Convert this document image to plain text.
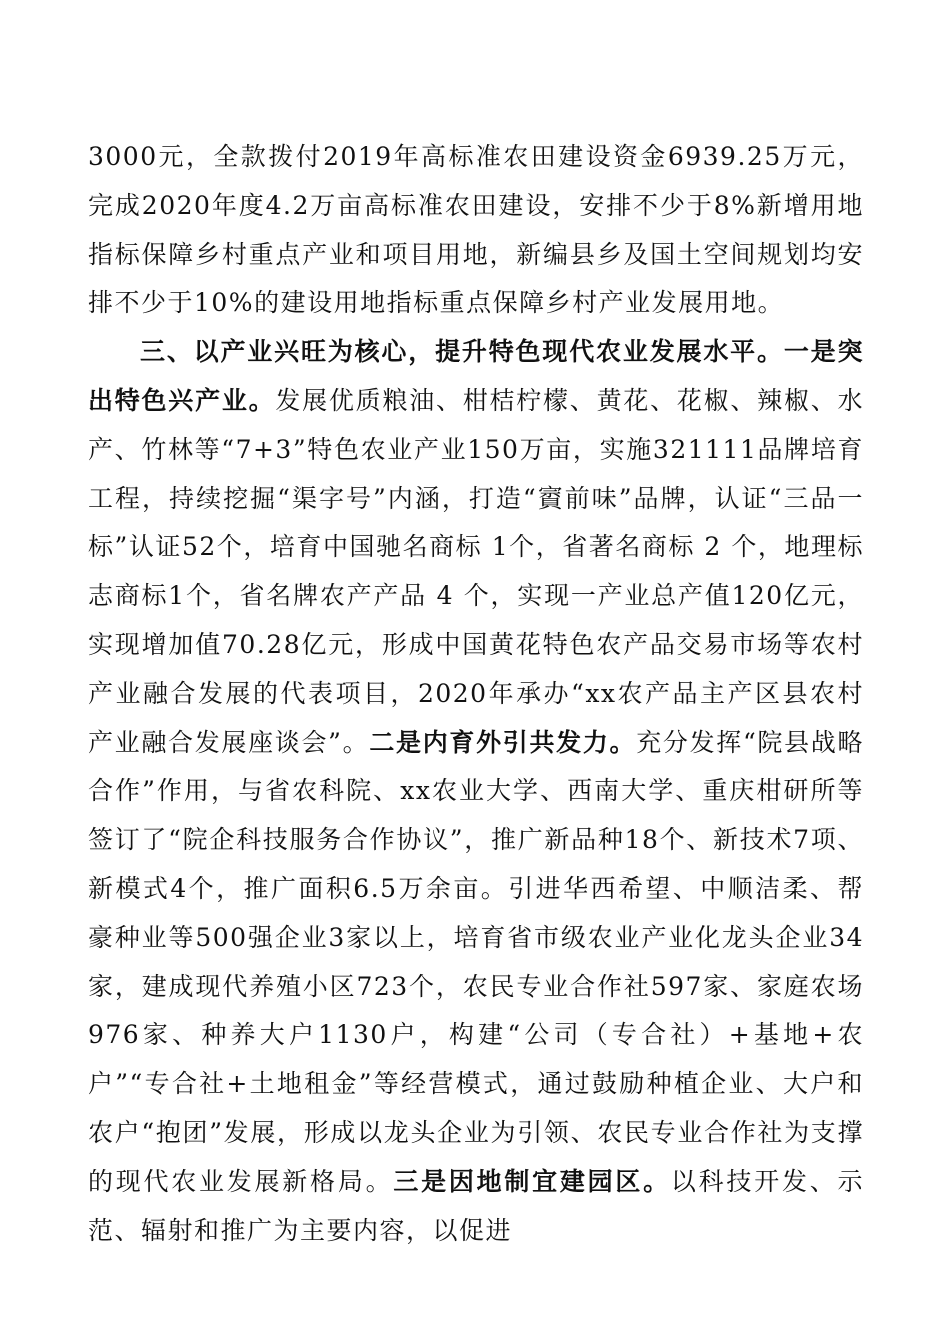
3000元，全款拨付2019年高标准农田建设资金6939.25万元，完成2020年度4.2万亩高标准农田建设，安排不少于8%新增用地指标保障乡村重点产业和项目用地，新编县乡及国土空间规划均安排不少于10%的建设用地指标重点保障乡村产业发展用地。

三、以产业兴旺为核心，提升特色现代农业发展水平。一是突出特色兴产业。发展优质粮油、柑桔柠檬、黄花、花椒、辣椒、水产、竹林等“7+3”特色农业产业150万亩，实施321111品牌培育工程，持续挖掘“渠字号”内涵，打造“賨前味”品牌，认证“三品一标”认证52个，培育中国驰名商标 1个，省著名商标 2 个，地理标志商标1个，省名牌农产产品 4 个，实现一产业总产值120亿元，实现增加值70.28亿元，形成中国黄花特色农产品交易市场等农村产业融合发展的代表项目，2020年承办“xx农产品主产区县农村产业融合发展座谈会”。二是内育外引共发力。充分发挥“院县战略合作”作用，与省农科院、xx农业大学、西南大学、重庆柑研所等签订了“院企科技服务合作协议”，推广新品种18个、新技术7项、新模式4个，推广面积6.5万余亩。引进华西希望、中顺洁柔、帮豪种业等500强企业3家以上，培育省市级农业产业化龙头企业34家，建成现代养殖小区723个，农民专业合作社597家、家庭农场976家、种养大户1130户，构建“公司（专合社）+基地+农户”“专合社+土地租金”等经营模式，通过鼓励种植企业、大户和农户“抱团”发展，形成以龙头企业为引领、农民专业合作社为支撑的现代农业发展新格局。三是因地制宜建园区。以科技开发、示范、辐射和推广为主要内容，以促进
